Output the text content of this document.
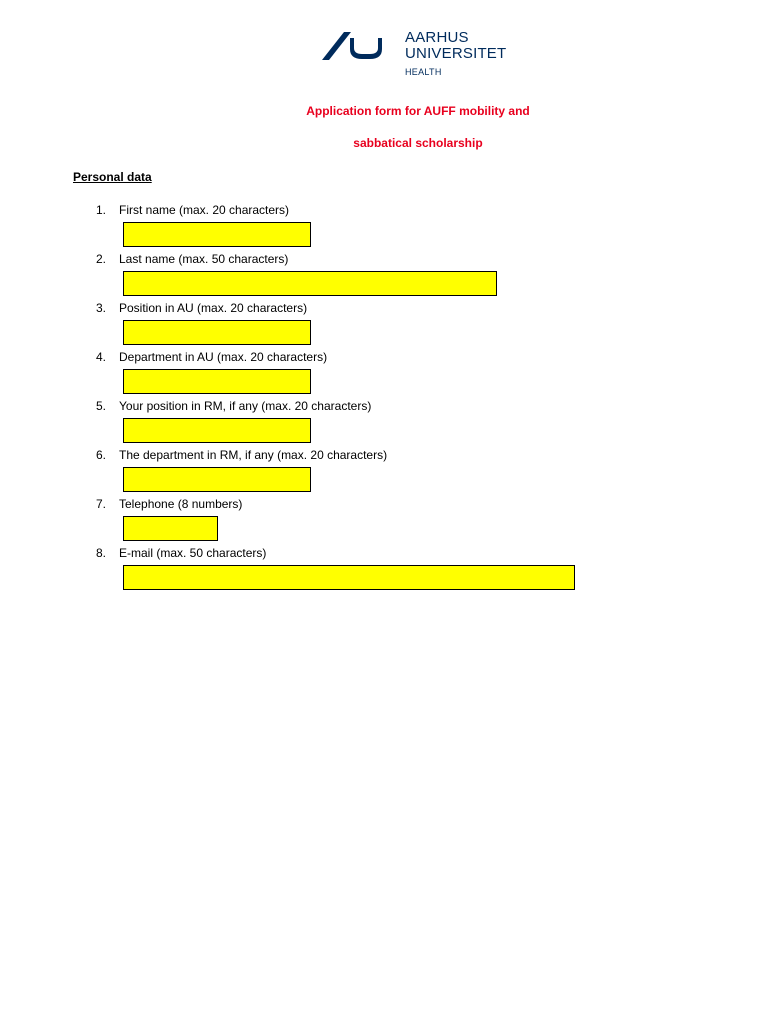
AARHUS
UNIVERSITET
HEALTH
Application form for AUFF mobility and
sabbatical scholarship
Personal data
1. First name (max. 20 characters)
2. Last name (max. 50 characters)
3. Position in AU (max. 20 characters)
4. Department in AU (max. 20 characters)
5. Your position in RM, if any (max. 20 characters)
6. The department in RM, if any (max. 20 characters)
7. Telephone (8 numbers)
8. E-mail (max. 50 characters)
